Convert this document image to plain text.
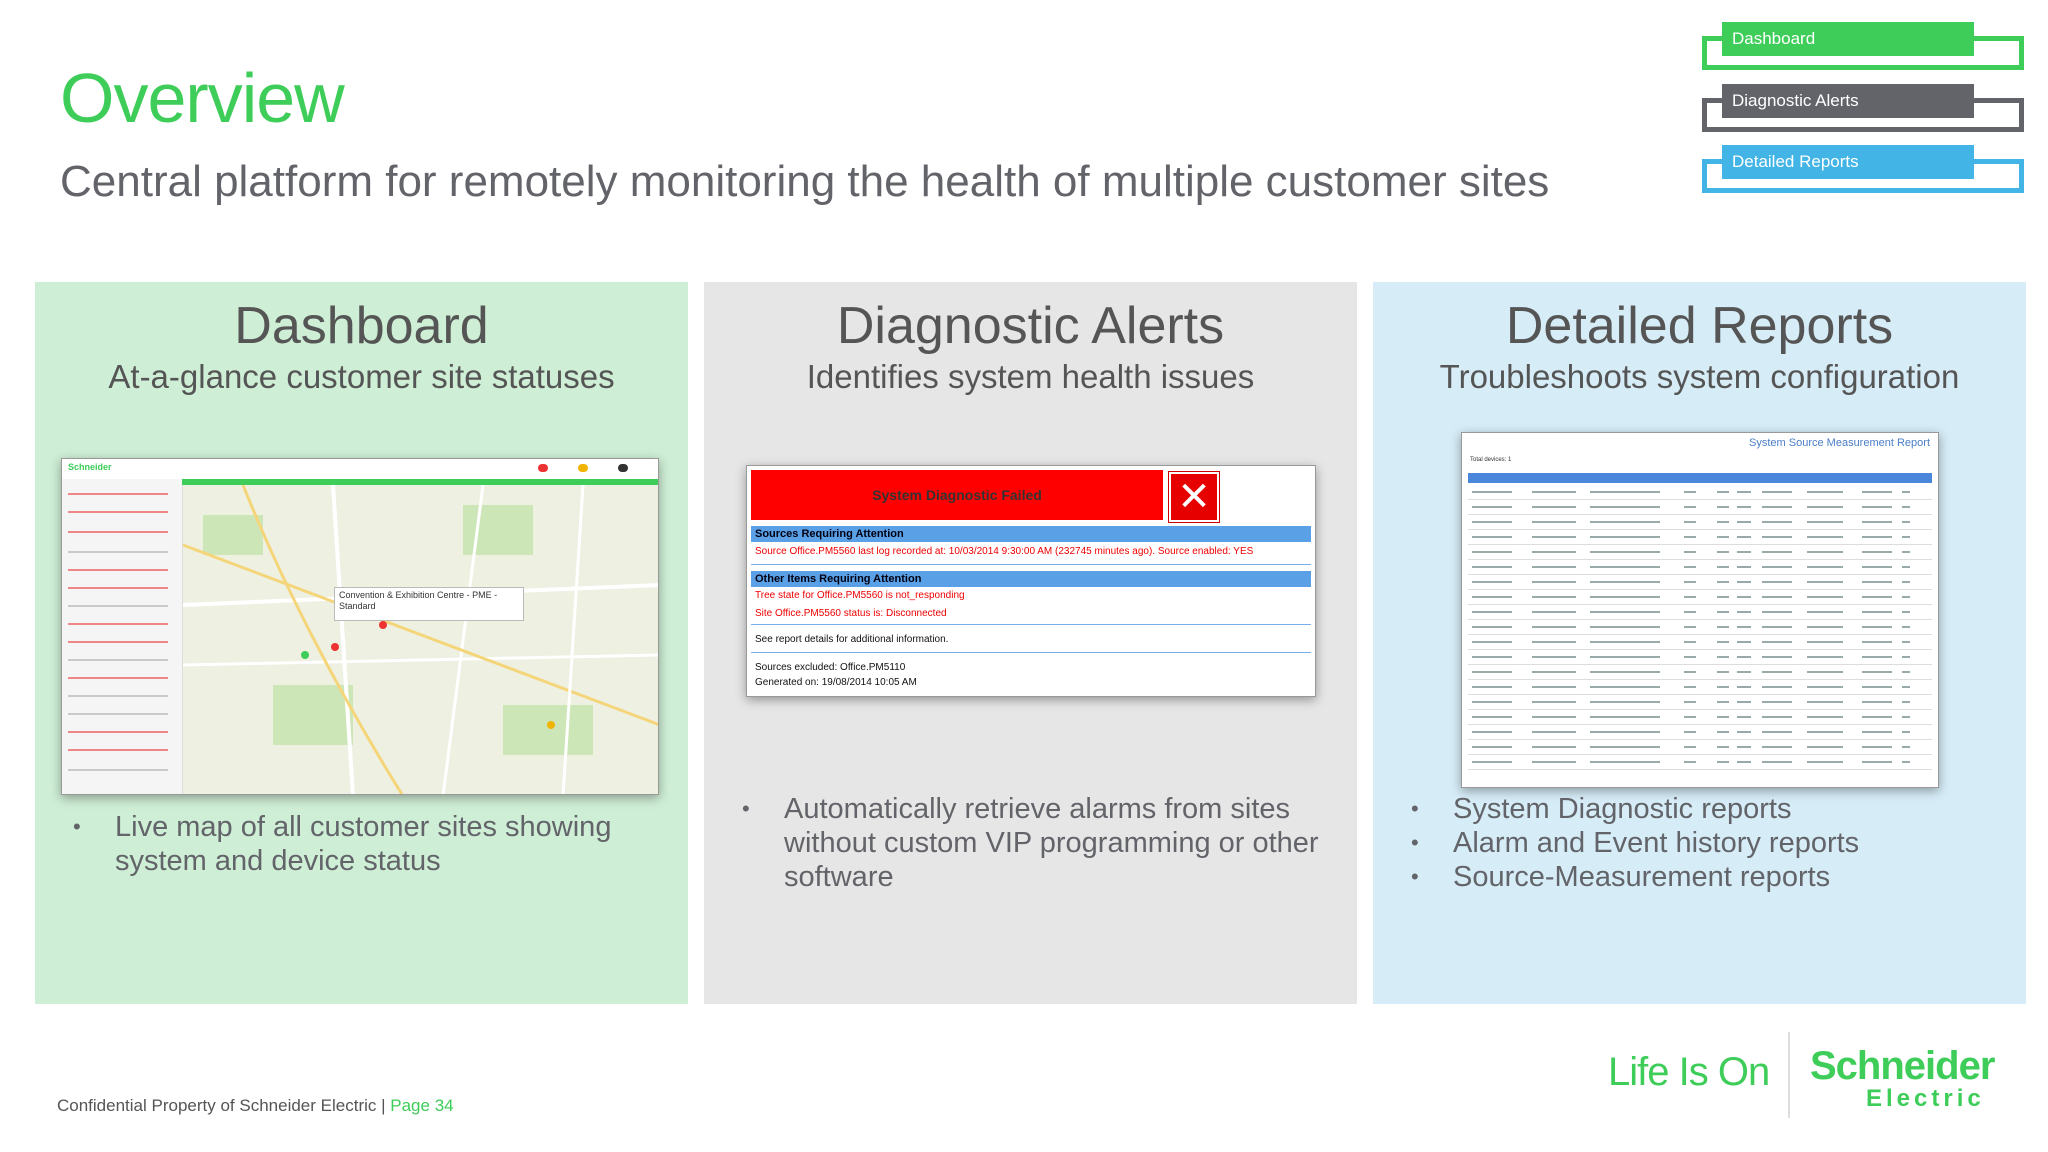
Overview
Central platform for remotely monitoring the health of multiple customer sites
Dashboard
Diagnostic Alerts
Detailed Reports
Dashboard
At-a-glance customer site statuses
Schneider
Convention & Exhibition Centre - PME - Standard
• Live map of all customer sites showing system and device status
Diagnostic Alerts
Identifies system health issues
System Diagnostic Failed	✕
Sources Requiring Attention
Source Office.PM5560 last log recorded at: 10/03/2014 9:30:00 AM (232745 minutes ago). Source enabled: YES
Other Items Requiring Attention
Tree state for Office.PM5560 is not_responding
Site Office.PM5560 status is: Disconnected
See report details for additional information.
Sources excluded: Office.PM5110
Generated on: 19/08/2014 10:05 AM
• Automatically retrieve alarms from sites without custom VIP programming or other software
Detailed Reports
Troubleshoots system configuration
System Source Measurement Report
Total devices: 1
• System Diagnostic reports
• Alarm and Event history reports
• Source-Measurement reports
Confidential Property of Schneider Electric | Page 34
Life Is On Schneider
Electric
